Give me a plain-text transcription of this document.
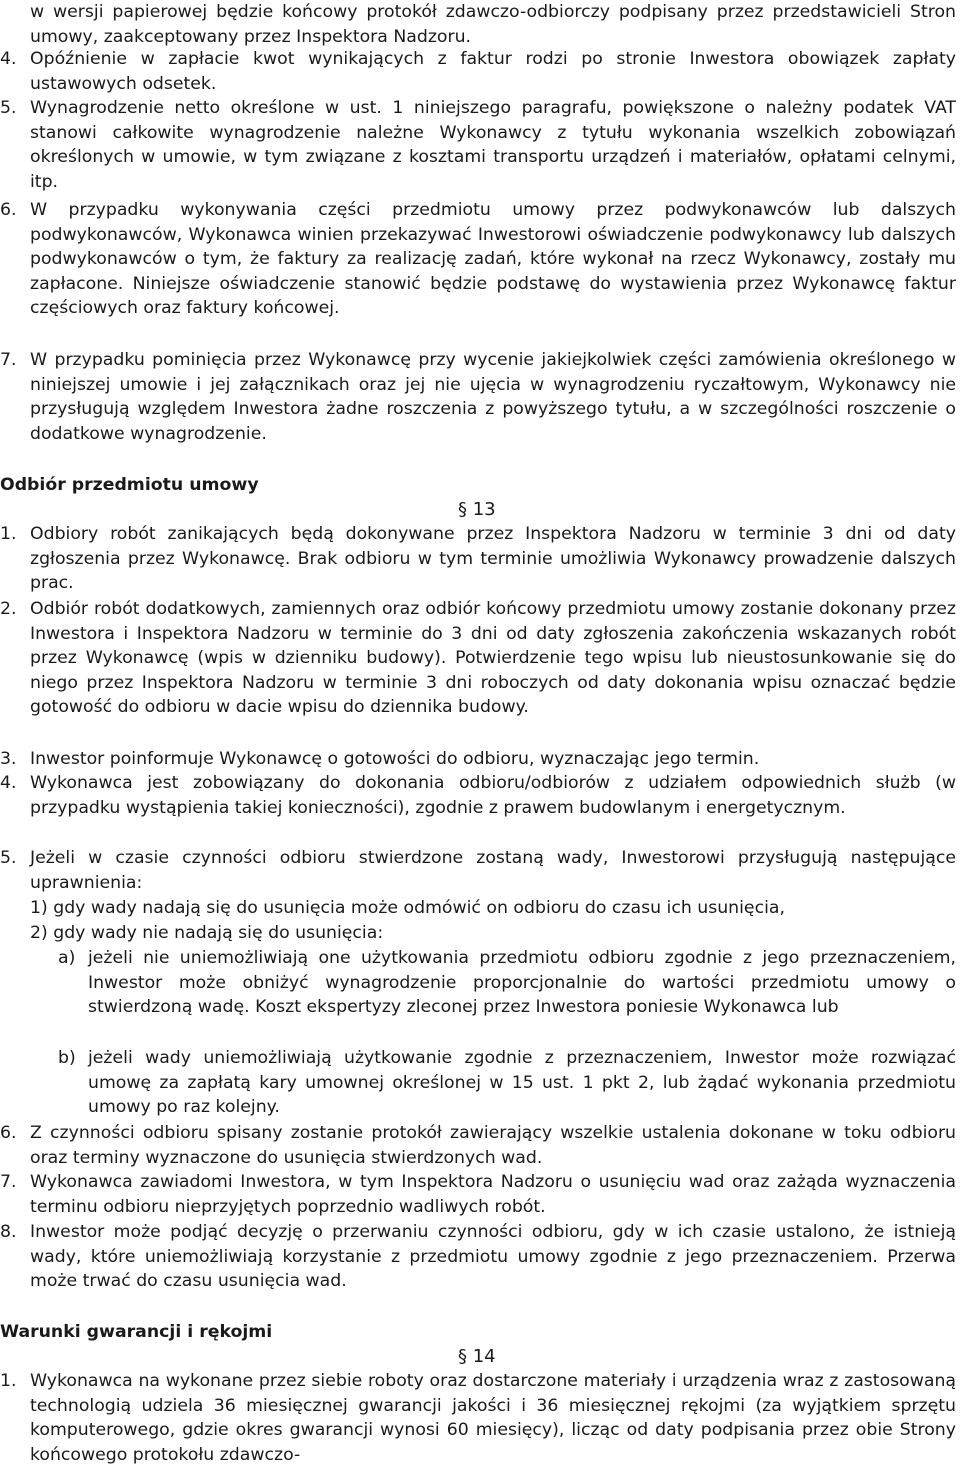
w wersji papierowej będzie końcowy protokół zdawczo-odbiorczy podpisany przez przedstawicieli Stron umowy, zaakceptowany przez Inspektora Nadzoru.
4. Opóźnienie w zapłacie kwot wynikających z faktur rodzi po stronie Inwestora obowiązek zapłaty ustawowych odsetek.
5. Wynagrodzenie netto określone w ust. 1 niniejszego paragrafu, powiększone o należny podatek VAT stanowi całkowite wynagrodzenie należne Wykonawcy z tytułu wykonania wszelkich zobowiązań określonych w umowie, w tym związane z kosztami transportu urządzeń i materiałów, opłatami celnymi, itp.
6. W przypadku wykonywania części przedmiotu umowy przez podwykonawców lub dalszych podwykonawców, Wykonawca winien przekazywać Inwestorowi oświadczenie podwykonawcy lub dalszych podwykonawców o tym, że faktury za realizację zadań, które wykonał na rzecz Wykonawcy, zostały mu zapłacone. Niniejsze oświadczenie stanowić będzie podstawę do wystawienia przez Wykonawcę faktur częściowych oraz faktury końcowej.
7. W przypadku pominięcia przez Wykonawcę przy wycenie jakiejkolwiek części zamówienia określonego w niniejszej umowie i jej załącznikach oraz jej nie ujęcia w wynagrodzeniu ryczałtowym, Wykonawcy nie przysługują względem Inwestora żadne roszczenia z powyższego tytułu, a w szczególności roszczenie o dodatkowe wynagrodzenie.
Odbiór przedmiotu umowy
§ 13
1. Odbiory robót zanikających będą dokonywane przez Inspektora Nadzoru w terminie 3 dni od daty zgłoszenia przez Wykonawcę. Brak odbioru w tym terminie umożliwia Wykonawcy prowadzenie dalszych prac.
2. Odbiór robót dodatkowych, zamiennych oraz odbiór końcowy przedmiotu umowy zostanie dokonany przez Inwestora i Inspektora Nadzoru w terminie do 3 dni od daty zgłoszenia zakończenia wskazanych robót przez Wykonawcę (wpis w dzienniku budowy). Potwierdzenie tego wpisu lub nieustosunkowanie się do niego przez Inspektora Nadzoru w terminie 3 dni roboczych od daty dokonania wpisu oznaczać będzie gotowość do odbioru w dacie wpisu do dziennika budowy.
3. Inwestor poinformuje Wykonawcę o gotowości do odbioru, wyznaczając jego termin.
4. Wykonawca jest zobowiązany do dokonania odbioru/odbiorów z udziałem odpowiednich służb (w przypadku wystąpienia takiej konieczności), zgodnie z prawem budowlanym i energetycznym.
5. Jeżeli w czasie czynności odbioru stwierdzone zostaną wady, Inwestorowi przysługują następujące uprawnienia:
1) gdy wady nadają się do usunięcia może odmówić on odbioru do czasu ich usunięcia,
2) gdy wady nie nadają się do usunięcia:
a) jeżeli nie uniemożliwiają one użytkowania przedmiotu odbioru zgodnie z jego przeznaczeniem, Inwestor może obniżyć wynagrodzenie proporcjonalnie do wartości przedmiotu umowy o stwierdzoną wadę. Koszt ekspertyzy zleconej przez Inwestora poniesie Wykonawca lub
b) jeżeli wady uniemożliwiają użytkowanie zgodnie z przeznaczeniem, Inwestor może rozwiązać umowę za zapłatą kary umownej określonej w 15 ust. 1 pkt 2, lub żądać wykonania przedmiotu umowy po raz kolejny.
6. Z czynności odbioru spisany zostanie protokół zawierający wszelkie ustalenia dokonane w toku odbioru oraz terminy wyznaczone do usunięcia stwierdzonych wad.
7. Wykonawca zawiadomi Inwestora, w tym Inspektora Nadzoru o usunięciu wad oraz zażąda wyznaczenia terminu odbioru nieprzyjętych poprzednio wadliwych robót.
8. Inwestor może podjąć decyzję o przerwaniu czynności odbioru, gdy w ich czasie ustalono, że istnieją wady, które uniemożliwiają korzystanie z przedmiotu umowy zgodnie z jego przeznaczeniem. Przerwa może trwać do czasu usunięcia wad.
Warunki gwarancji i rękojmi
§ 14
1. Wykonawca na wykonane przez siebie roboty oraz dostarczone materiały i urządzenia wraz z zastosowaną technologią udziela 36 miesięcznej gwarancji jakości i 36 miesięcznej rękojmi (za wyjątkiem sprzętu komputerowego, gdzie okres gwarancji wynosi 60 miesięcy), licząc od daty podpisania przez obie Strony końcowego protokołu zdawczo-
